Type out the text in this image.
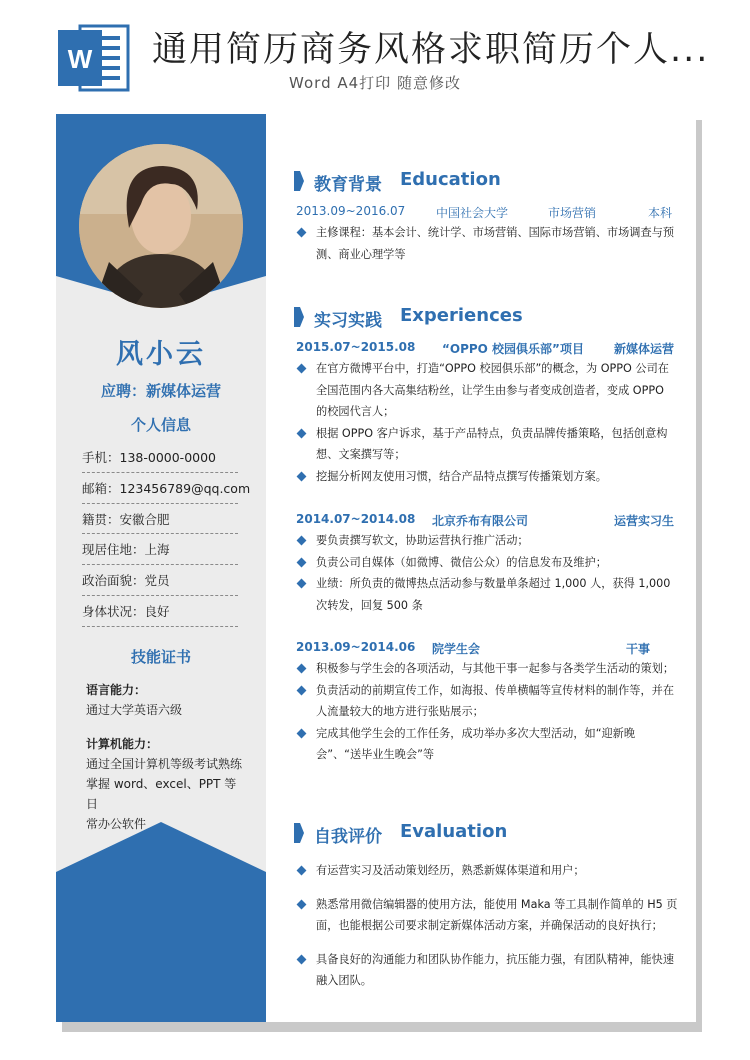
W 通用简历商务风格求职简历个人...
Word A4打印 随意修改
风小云
应聘：新媒体运营
个人信息
手机：138-0000-0000
邮箱：123456789@qq.com
籍贯：安徽合肥
现居住地：上海
政治面貌：党员
身体状况：良好
技能证书
语言能力：
通过大学英语六级
计算机能力：
通过全国计算机等级考试熟练
掌握 word、excel、PPT 等日
常办公软件
教育背景 Education
2013.09~2016.07	中国社会大学	市场营销	本科
主修课程：基本会计、统计学、市场营销、国际市场营销、市场调查与预测、商业心理学等
实习实践 Experiences
2015.07~2015.08 “OPPO 校园俱乐部”项目	新媒体运营
在官方微博平台中，打造“OPPO 校园俱乐部”的概念，为 OPPO 公司在全国范围内各大高集结粉丝，让学生由参与者变成创造者，变成 OPPO 的校园代言人；
根据 OPPO 客户诉求，基于产品特点，负责品牌传播策略，包括创意构想、文案撰写等；
挖掘分析网友使用习惯，结合产品特点撰写传播策划方案。
2014.07~2014.08 北京乔布有限公司	运营实习生
要负责撰写软文，协助运营执行推广活动；
负责公司自媒体（如微博、微信公众）的信息发布及维护；
业绩：所负责的微博热点活动参与数量单条超过 1,000 人，获得 1,000 次转发，回复 500 条
2013.09~2014.06 院学生会	干事
积极参与学生会的各项活动，与其他干事一起参与各类学生活动的策划；
负责活动的前期宣传工作，如海报、传单横幅等宣传材料的制作等，并在人流量较大的地方进行张贴展示；
完成其他学生会的工作任务，成功举办多次大型活动，如“迎新晚会”、“送毕业生晚会”等
自我评价 Evaluation
有运营实习及活动策划经历，熟悉新媒体渠道和用户；
熟悉常用微信编辑器的使用方法，能使用 Maka 等工具制作简单的 H5 页面，也能根据公司要求制定新媒体活动方案，并确保活动的良好执行；
具备良好的沟通能力和团队协作能力，抗压能力强，有团队精神，能快速融入团队。
